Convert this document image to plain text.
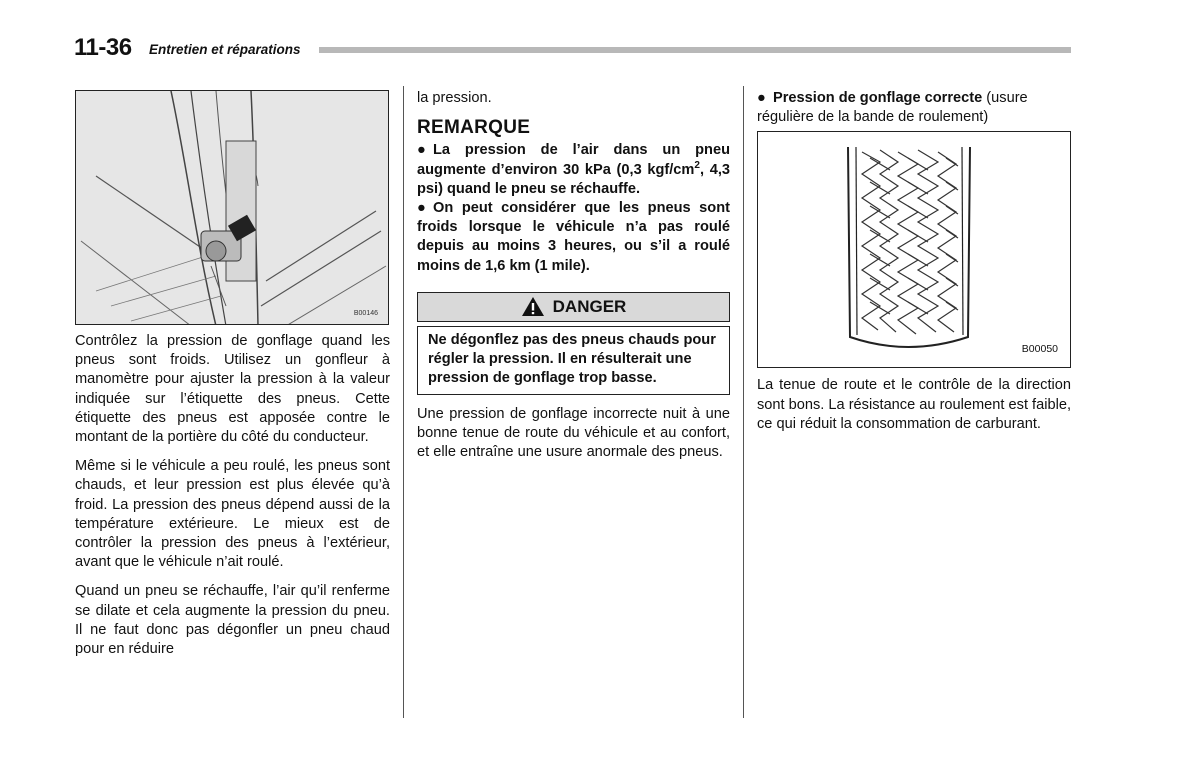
11-36 Entretien et réparations
B00146

Contrôlez la pression de gonflage quand les pneus sont froids. Utilisez un gonfleur à manomètre pour ajuster la pression à la valeur indiquée sur l’étiquette des pneus. Cette étiquette des pneus est apposée contre le montant de la portière du côté du conducteur.

Même si le véhicule a peu roulé, les pneus sont chauds, et leur pression est plus élevée qu’à froid. La pression des pneus dépend aussi de la température extérieure. Le mieux est de contrôler la pression des pneus à l’extérieur, avant que le véhicule n’ait roulé.

Quand un pneu se réchauffe, l’air qu’il renferme se dilate et cela augmente la pression du pneu. Il ne faut donc pas dégonfler un pneu chaud pour en réduire

la pression.

REMARQUE

● La pression de l’air dans un pneu augmente d’environ 30 kPa (0,3 kgf/$cm^2$, 4,3 psi) quand le pneu se réchauffe.

● On peut considérer que les pneus sont froids lorsque le véhicule n’a pas roulé depuis au moins 3 heures, ou s’il a roulé moins de 1,6 km (1 mile).

DANGER

Ne dégonflez pas des pneus chauds pour régler la pression. Il en résulterait une pression de gonflage trop basse.

Une pression de gonflage incorrecte nuit à une bonne tenue de route du véhicule et au confort, et elle entraîne une usure anormale des pneus.

● Pression de gonflage correcte (usure régulière de la bande de roulement)

B00050

La tenue de route et le contrôle de la direction sont bons. La résistance au roulement est faible, ce qui réduit la consommation de carburant.
